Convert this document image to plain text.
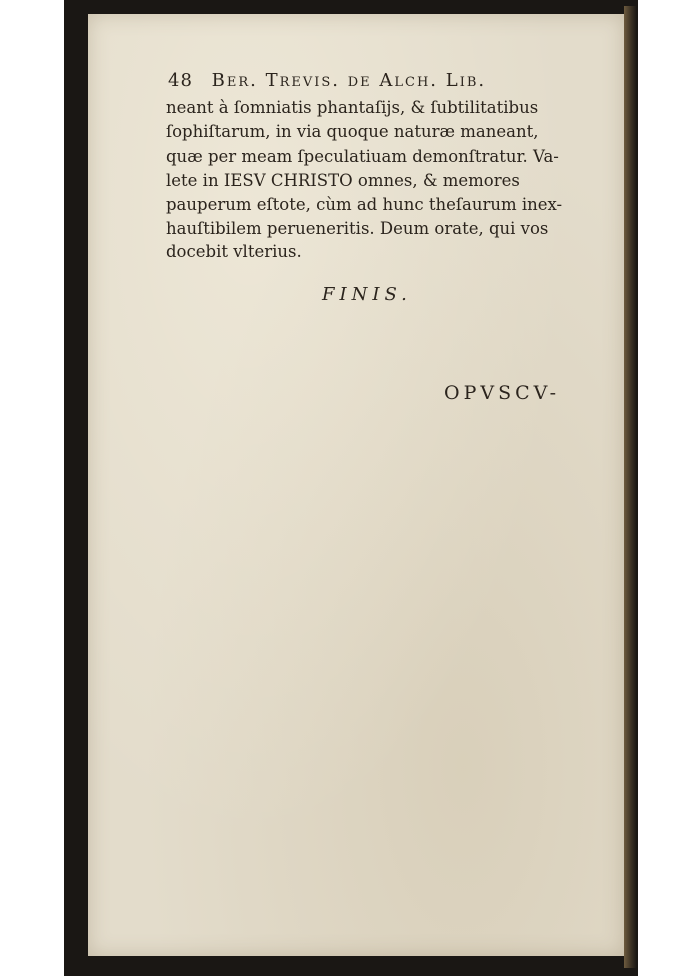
48 Ber. Trevis. de Alch. Lib.
neant à ſomniatis phantaſijs, & ſubtilitatibus
ſophiſtarum, in via quoque naturæ maneant,
quæ per meam ſpeculatiuam demonſtratur. Va-
lete in IESV CHRISTO omnes, & memores
pauperum eſtote, cùm ad hunc theſaurum inex-
hauſtibilem perueneritis. Deum orate, qui vos
docebit vlterius.
FINIS.
OPVSCV-
